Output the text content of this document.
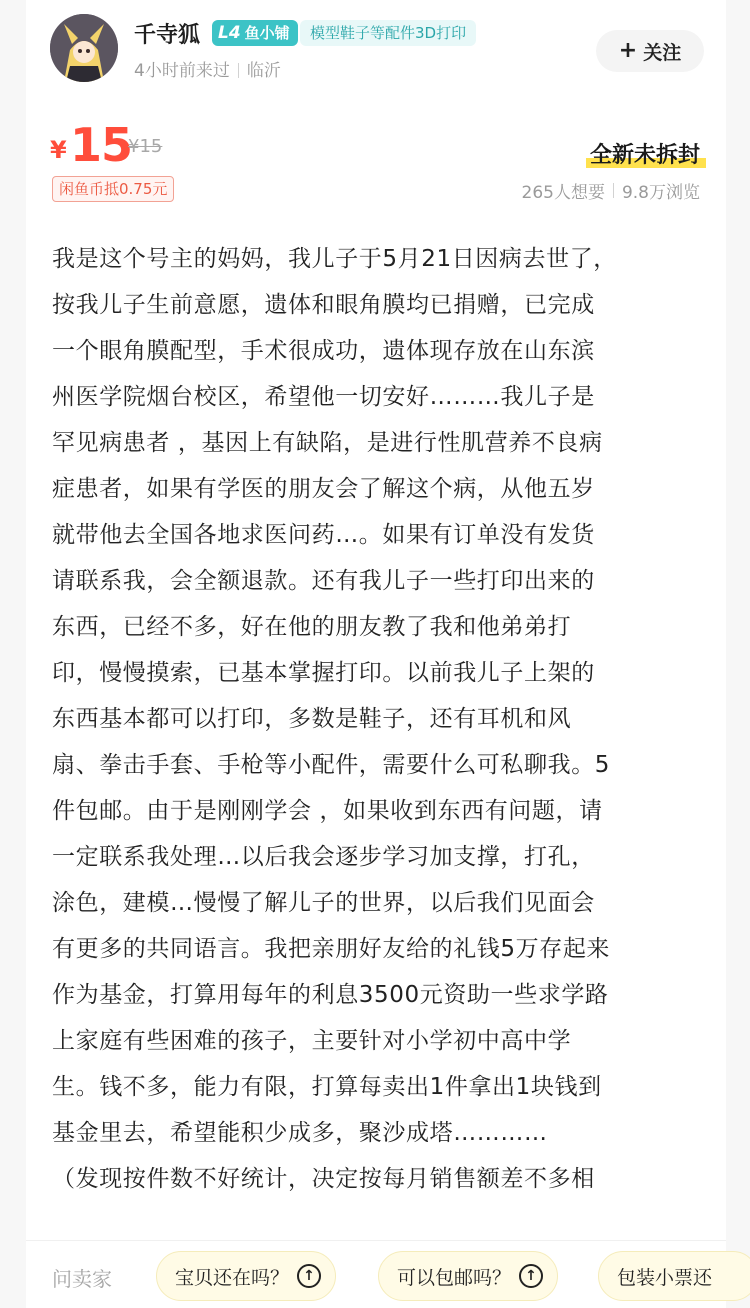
千寺狐 L4 鱼小铺	模型鞋子等配件3D打印
4小时前来过 临沂
+ 关注
¥ 15
¥15
闲鱼币抵0.75元
全新未拆封
265人想要 9.8万浏览
我是这个号主的妈妈，我儿子于5月21日因病去世了，
按我儿子生前意愿，遗体和眼角膜均已捐赠，已完成
一个眼角膜配型，手术很成功，遗体现存放在山东滨
州医学院烟台校区，希望他一切安好………我儿子是
罕见病患者 ，基因上有缺陷，是进行性肌营养不良病
症患者，如果有学医的朋友会了解这个病，从他五岁
就带他去全国各地求医问药…。如果有订单没有发货
请联系我，会全额退款。还有我儿子一些打印出来的
东西，已经不多，好在他的朋友教了我和他弟弟打
印，慢慢摸索，已基本掌握打印。以前我儿子上架的
东西基本都可以打印，多数是鞋子，还有耳机和风
扇、拳击手套、手枪等小配件，需要什么可私聊我。5
件包邮。由于是刚刚学会 ，如果收到东西有问题，请
一定联系我处理…以后我会逐步学习加支撑，打孔，
涂色，建模…慢慢了解儿子的世界，以后我们见面会
有更多的共同语言。我把亲朋好友给的礼钱5万存起来
作为基金，打算用每年的利息3500元资助一些求学路
上家庭有些困难的孩子，主要针对小学初中高中学
生。钱不多，能力有限，打算每卖出1件拿出1块钱到
基金里去，希望能积少成多，聚沙成塔…………
（发现按件数不好统计，决定按每月销售额差不多相
问卖家	宝贝还在吗？	↑	可以包邮吗？	↑	包装小票还
